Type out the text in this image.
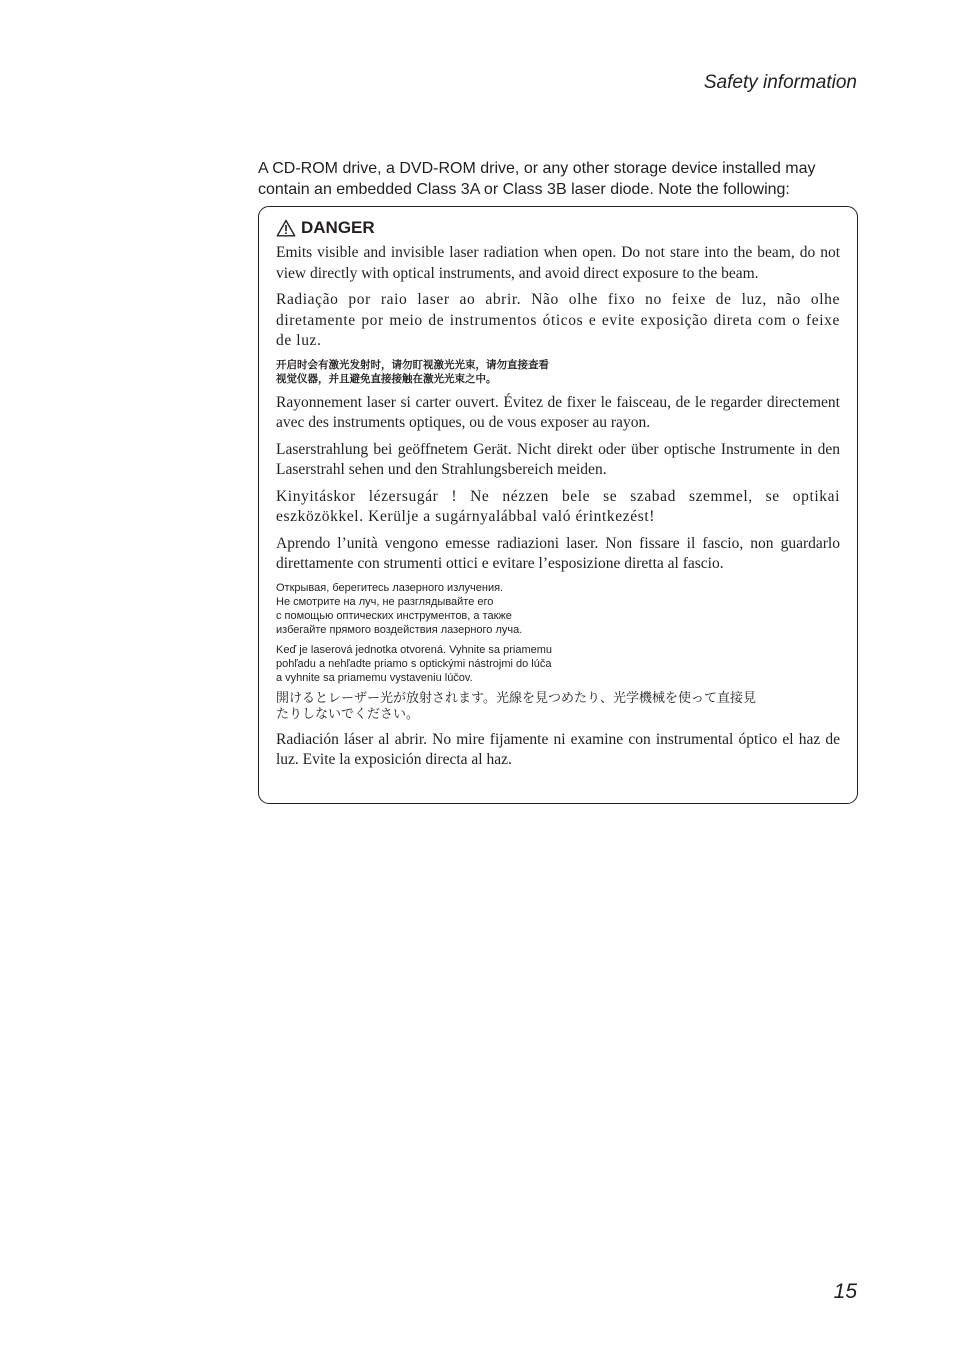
Safety information

A CD-ROM drive, a DVD-ROM drive, or any other storage device installed may contain an embedded Class 3A or Class 3B laser diode. Note the following:

DANGER

Emits visible and invisible laser radiation when open. Do not stare into the beam, do not view directly with optical instruments, and avoid direct exposure to the beam.

Radiação por raio laser ao abrir. Não olhe fixo no feixe de luz, não olhe diretamente por meio de instrumentos óticos e evite exposição direta com o feixe de luz.

开启时会有激光发射时，请勿盯视激光光束，请勿直接查看
视觉仪器，并且避免直接接触在激光光束之中。

Rayonnement laser si carter ouvert. Évitez de fixer le faisceau, de le regarder directement avec des instruments optiques, ou de vous exposer au rayon.

Laserstrahlung bei geöffnetem Gerät. Nicht direkt oder über optische Instrumente in den Laserstrahl sehen und den Strahlungsbereich meiden.

Kinyitáskor lézersugár ! Ne nézzen bele se szabad szemmel, se optikai eszközökkel. Kerülje a sugárnyalábbal való érintkezést!

Aprendo l’unità vengono emesse radiazioni laser. Non fissare il fascio, non guardarlo direttamente con strumenti ottici e evitare l’esposizione diretta al fascio.

Открывая, берегитесь лазерного излучения.
Не смотрите на луч, не разглядывайте его
с помощью оптических инструментов, а также
избегайте прямого воздействия лазерного луча.

Keď je laserová jednotka otvorená. Vyhnite sa priamemu
pohľadu a nehľadte priamo s optickými nástrojmi do lúča
a vyhnite sa priamemu vystaveniu lúčov.

開けるとレーザー光が放射されます。光線を見つめたり、光学機械を使って直接見
たりしないでください。

Radiación láser al abrir. No mire fijamente ni examine con instrumental óptico el haz de luz. Evite la exposición directa al haz.

15
